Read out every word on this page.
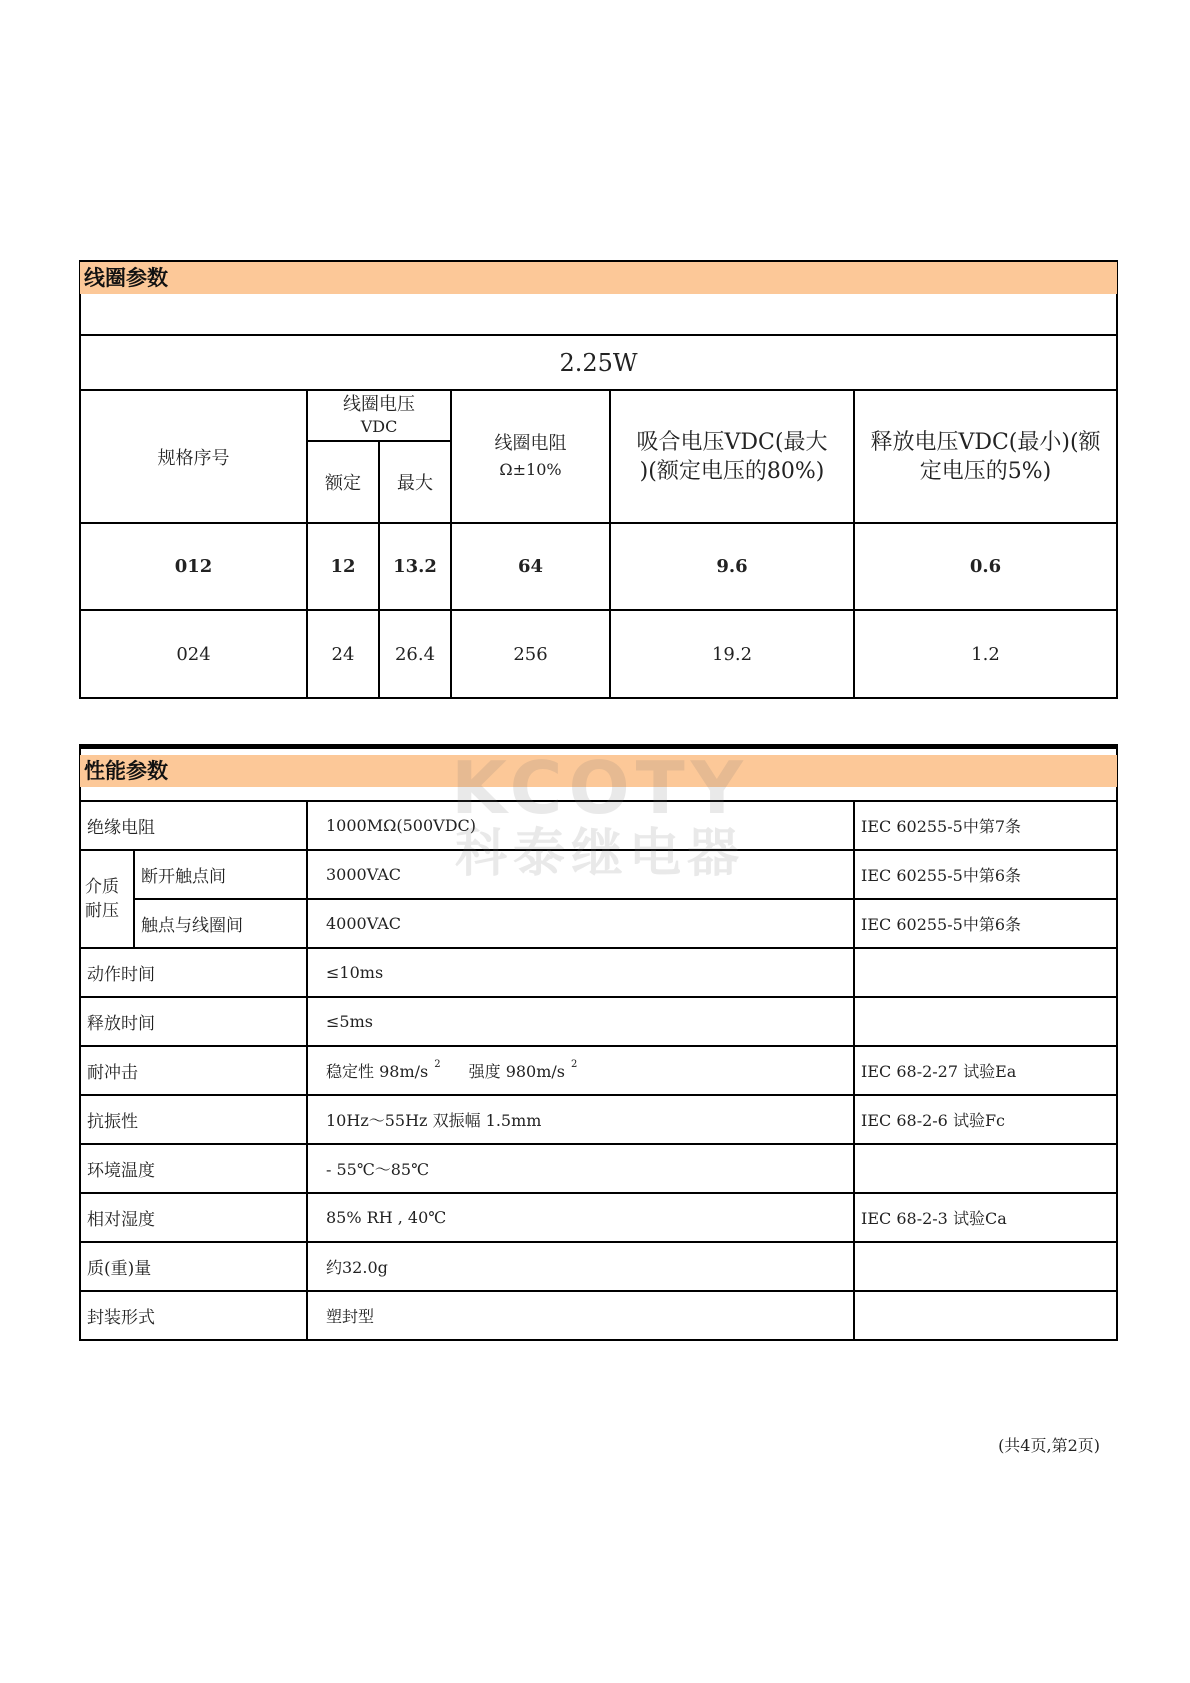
线圈参数
2.25W
规格序号
线圈电压
VDC
额定	最大
线圈电阻
Ω±10%
吸合电压VDC(最大
)(额定电压的80%)
释放电压VDC(最小)(额
定电压的5%)
012	12	13.2	64	9.6	0.6
024	24	26.4	256	19.2	1.2
性能参数
绝缘电阻	1000MΩ(500VDC)	IEC 60255-5中第7条
介质
耐压
断开触点间	3000VAC	IEC 60255-5中第6条
触点与线圈间	4000VAC	IEC 60255-5中第6条
动作时间	≤10ms
释放时间	≤5ms
耐冲击	稳定性 98m/s $^2$ 强度 980m/s $^2$	IEC 68-2-27 试验Ea
抗振性	10Hz～55Hz 双振幅 1.5mm	IEC 68-2-6 试验Fc
环境温度	- 55℃～85℃
相对湿度	85% RH , 40℃	IEC 68-2-3 试验Ca
质(重)量	约32.0g
封装形式	塑封型
KCOTY
科泰继电器
(共4页,第2页)
